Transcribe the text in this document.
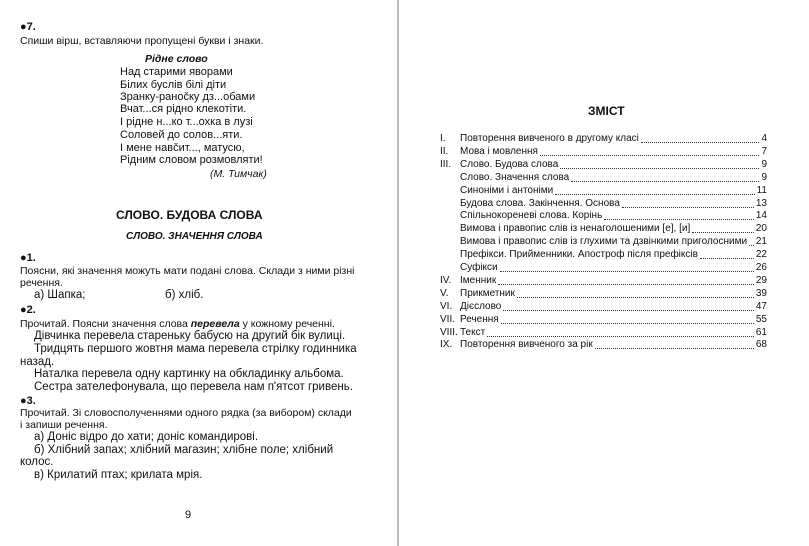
●7.
Спиши вірш, вставляючи пропущені букви і знаки.
Рідне слово
Над старими яворами
Білих буслів білі діти
Зранку-ранočку дз...обами
Вчат...ся рідно клекотіти.
І рідне н...ко т...охка в лузі
Соловей до солов...яти.
І мене навčит..., матусю,
Рідним словом розмовляти!
(М. Тимчак)
СЛОВО. БУДОВА СЛОВА
СЛОВО. ЗНАЧЕННЯ СЛОВА
●1.
Поясни, які значення можуть мати подані слова. Склади з ними різні
речення.
а) Шапка;	б) хліб.
●2.
Прочитай. Поясни значення слова перевела у кожному реченні.
Дівчинка перевела стареньку бабусю на другий бік вулиці.
Тридцять першого жовтня мама перевела стрілку годинника
назад.
Наталка перевела одну картинку на обкладинку альбома.
Сестра зателефонувала, що перевела нам п'ятсот гривень.
●3.
Прочитай. Зі словосполученнями одного рядка (за вибором) склади
і запиши речення.
а) Доніс відро до хати; доніс командирові.
б) Хлібний запах; хлібний магазин; хлібне поле; хлібний
колос.
в) Крилатий птах; крилата мрія.
9
ЗМІСТ
I. Повторення вивченого в другому класі	4
II. Мова і мовлення	7
III. Слово. Будова слова	9
Слово. Значення слова	9
Синоніми і антоніми	11
Будова слова. Закінчення. Основа	13
Спільнокореневі слова. Корінь	14
Вимова і правопис слів із ненаголошеними [е], [и]	20
Вимова і правопис слів із глухими та дзвінкими приголосними 21
Префікси. Прийменники. Апостроф після префіксів	22
Суфікси	26
IV. Іменник	29
V. Прикметник	39
VI. Дієслово	47
VII. Речення	55
VIII. Текст	61
IX. Повторення вивченого за рік	68
